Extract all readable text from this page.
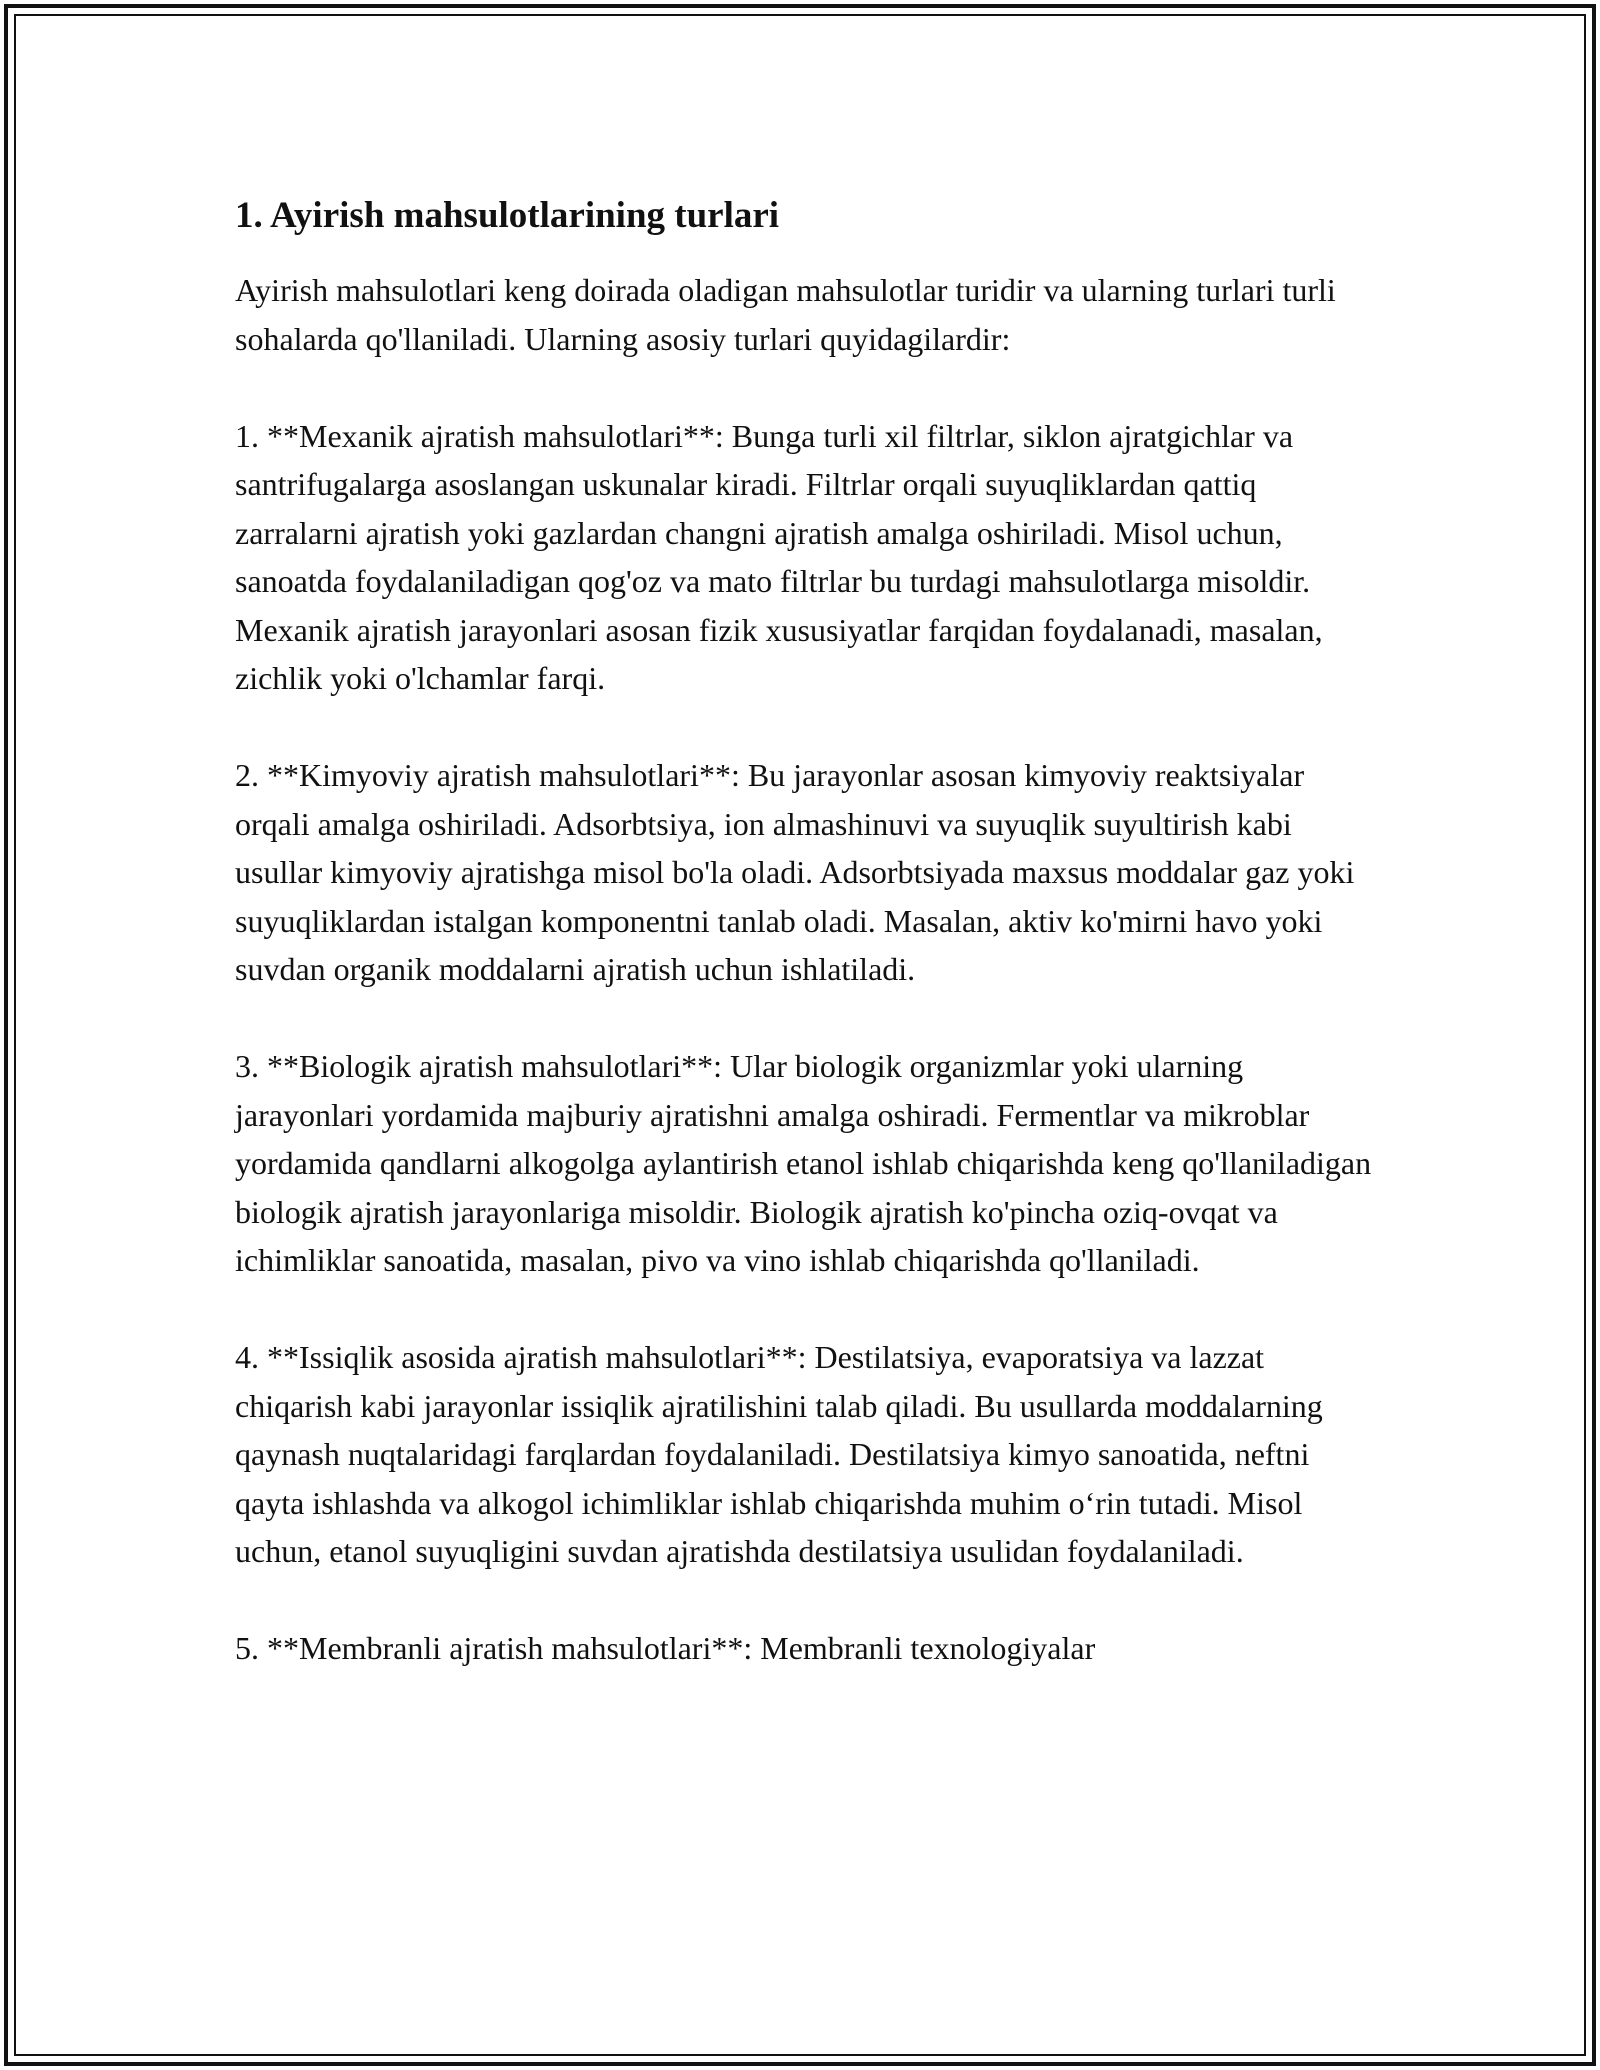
1. Ayirish mahsulotlarining turlari

Ayirish mahsulotlari keng doirada oladigan mahsulotlar turidir va ularning turlari turli sohalarda qo'llaniladi. Ularning asosiy turlari quyidagilardir:

1. **Mexanik ajratish mahsulotlari**: Bunga turli xil filtrlar, siklon ajratgichlar va santrifugalarga asoslangan uskunalar kiradi. Filtrlar orqali suyuqliklardan qattiq zarralarni ajratish yoki gazlardan changni ajratish amalga oshiriladi. Misol uchun, sanoatda foydalaniladigan qog'oz va mato filtrlar bu turdagi mahsulotlarga misoldir. Mexanik ajratish jarayonlari asosan fizik xususiyatlar farqidan foydalanadi, masalan, zichlik yoki o'lchamlar farqi.

2. **Kimyoviy ajratish mahsulotlari**: Bu jarayonlar asosan kimyoviy reaktsiyalar orqali amalga oshiriladi. Adsorbtsiya, ion almashinuvi va suyuqlik suyultirish kabi usullar kimyoviy ajratishga misol bo'la oladi. Adsorbtsiyada maxsus moddalar gaz yoki suyuqliklardan istalgan komponentni tanlab oladi. Masalan, aktiv ko'mirni havo yoki suvdan organik moddalarni ajratish uchun ishlatiladi.

3. **Biologik ajratish mahsulotlari**: Ular biologik organizmlar yoki ularning jarayonlari yordamida majburiy ajratishni amalga oshiradi. Fermentlar va mikroblar yordamida qandlarni alkogolga aylantirish etanol ishlab chiqarishda keng qo'llaniladigan biologik ajratish jarayonlariga misoldir. Biologik ajratish ko'pincha oziq-ovqat va ichimliklar sanoatida, masalan, pivo va vino ishlab chiqarishda qo'llaniladi.

4. **Issiqlik asosida ajratish mahsulotlari**: Destilatsiya, evaporatsiya va lazzat chiqarish kabi jarayonlar issiqlik ajratilishini talab qiladi. Bu usullarda moddalarning qaynash nuqtalaridagi farqlardan foydalaniladi. Destilatsiya kimyo sanoatida, neftni qayta ishlashda va alkogol ichimliklar ishlab chiqarishda muhim o‘rin tutadi. Misol uchun, etanol suyuqligini suvdan ajratishda destilatsiya usulidan foydalaniladi.

5. **Membranli ajratish mahsulotlari**: Membranli texnologiyalar
